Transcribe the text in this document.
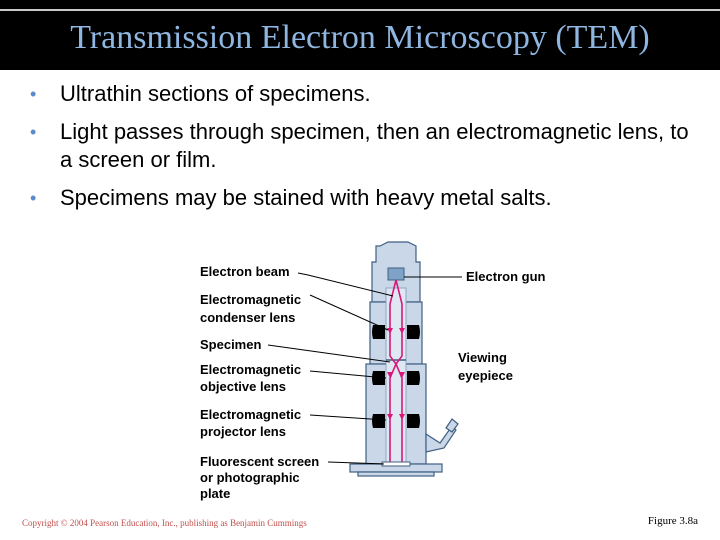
Transmission Electron Microscopy (TEM)
• Ultrathin sections of specimens.
• Light passes through specimen, then an electromagnetic lens, to a screen or film.
• Specimens may be stained with heavy metal salts.
Electron beam	Electron gun
Electromagnetic
condenser lens
Specimen
Viewing
eyepiece
Electromagnetic
objective lens
Electromagnetic
projector lens
Fluorescent screen
or photographic
plate
Copyright © 2004 Pearson Education, Inc., publishing as Benjamin Cummings	Figure 3.8a
